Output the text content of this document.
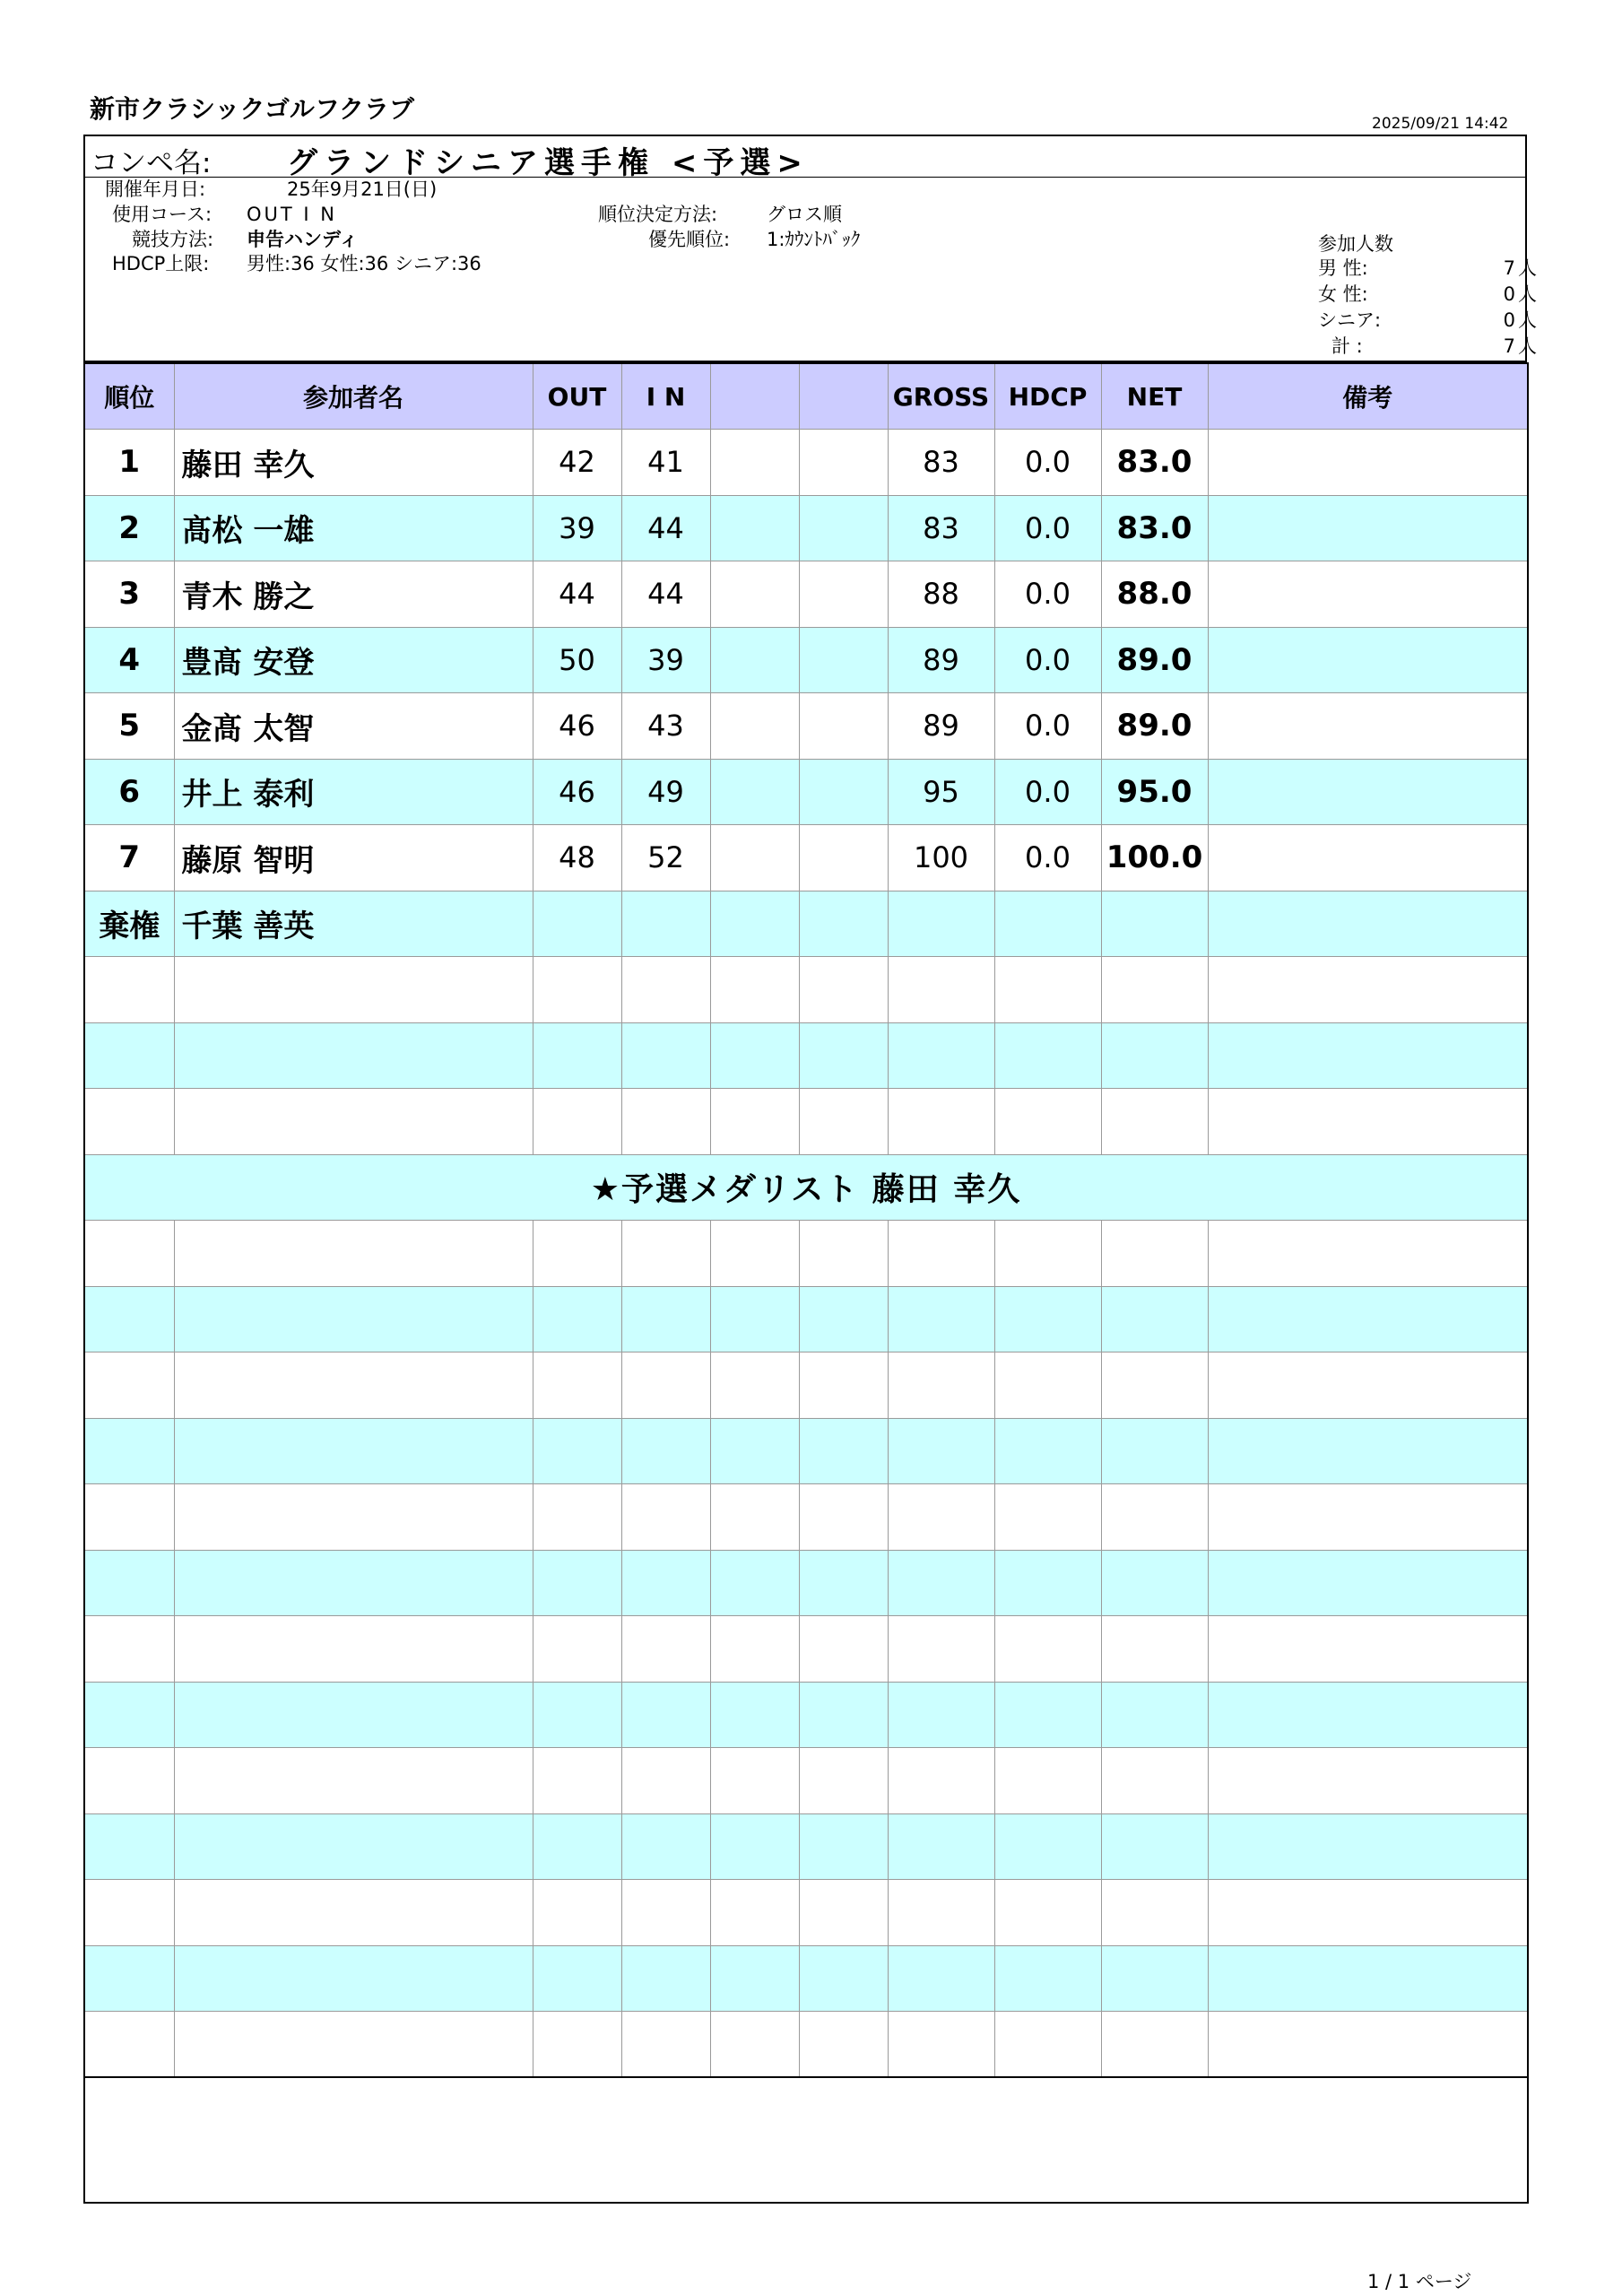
新市クラシックゴルフクラブ	2025/09/21 14:42
コンペ名: グランドシニア選手権 <予選>
開催年月日:	25年9月21日(日)
使用コース: OUT I N
競技方法: 申告ハンディ
HDCP上限: 男性:36 女性:36 シニア:36
順位決定方法:	グロス順
優先順位: 1:ｶｳﾝﾄﾊﾞｯｸ	参加人数
男 性:	7 人
女 性:	0 人
シニア:	0 人
計 :	7 人
順位	参加者名	OUT	I N			GROSS	HDCP	NET	備考
1	藤田 幸久	42	41			83	0.0	83.0	
2	髙松 一雄	39	44			83	0.0	83.0	
3	青木 勝之	44	44			88	0.0	88.0	
4	豊髙 安登	50	39			89	0.0	89.0	
5	金髙 太智	46	43			89	0.0	89.0	
6	井上 泰利	46	49			95	0.0	95.0	
7	藤原 智明	48	52			100	0.0	100.0	
棄権	千葉 善英								

★予選メダリスト 藤田 幸久									

1 / 1 ページ
